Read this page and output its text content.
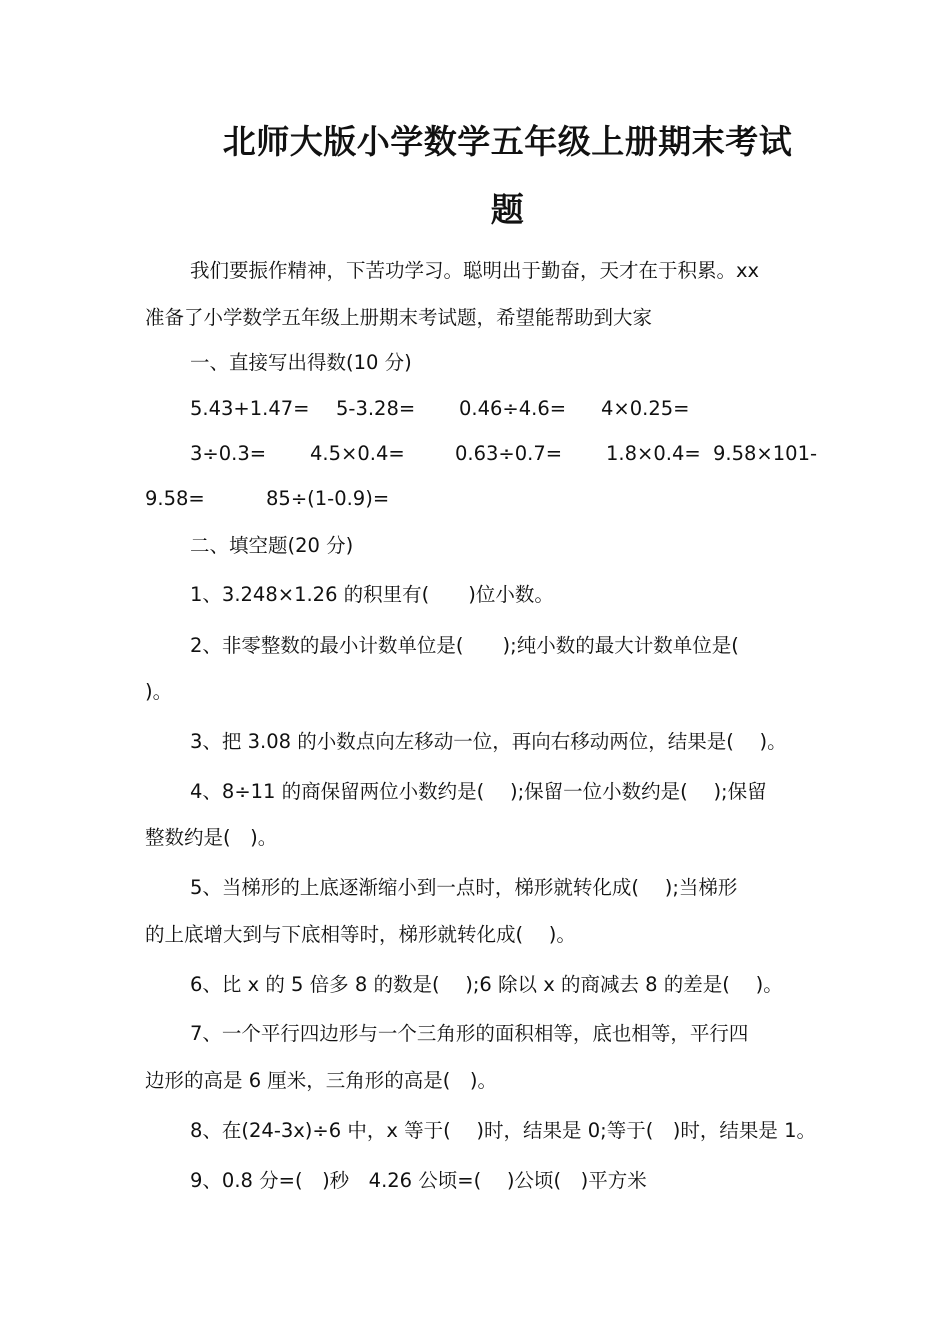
北师大版小学数学五年级上册期末考试
题
我们要振作精神，下苦功学习。聪明出于勤奋，天才在于积累。xx
准备了小学数学五年级上册期末考试题，希望能帮助到大家
一、直接写出得数(10 分)
5.43+1.47= 5-3.28= 0.46÷4.6= 4×0.25=
3÷0.3= 4.5×0.4=	0.63÷0.7= 1.8×0.4= 9.58×101-
9.58=	85÷(1-0.9)=
二、填空题(20 分)
1、3.248×1.26 的积里有(　　)位小数。
2、非零整数的最小计数单位是(　　);纯小数的最大计数单位是(
)。
3、把 3.08 的小数点向左移动一位，再向右移动两位，结果是(　 )。
4、8÷11 的商保留两位小数约是(　 );保留一位小数约是(　 );保留
整数约是(　)。
5、当梯形的上底逐渐缩小到一点时，梯形就转化成(　 );当梯形
的上底增大到与下底相等时，梯形就转化成(　 )。
6、比 x 的 5 倍多 8 的数是(　 );6 除以 x 的商减去 8 的差是(　 )。
7、一个平行四边形与一个三角形的面积相等，底也相等，平行四
边形的高是 6 厘米，三角形的高是(　)。
8、在(24-3x)÷6 中，x 等于(　 )时，结果是 0;等于(　)时，结果是 1。
9、0.8 分=(　)秒　4.26 公顷=(　 )公顷(　)平方米
